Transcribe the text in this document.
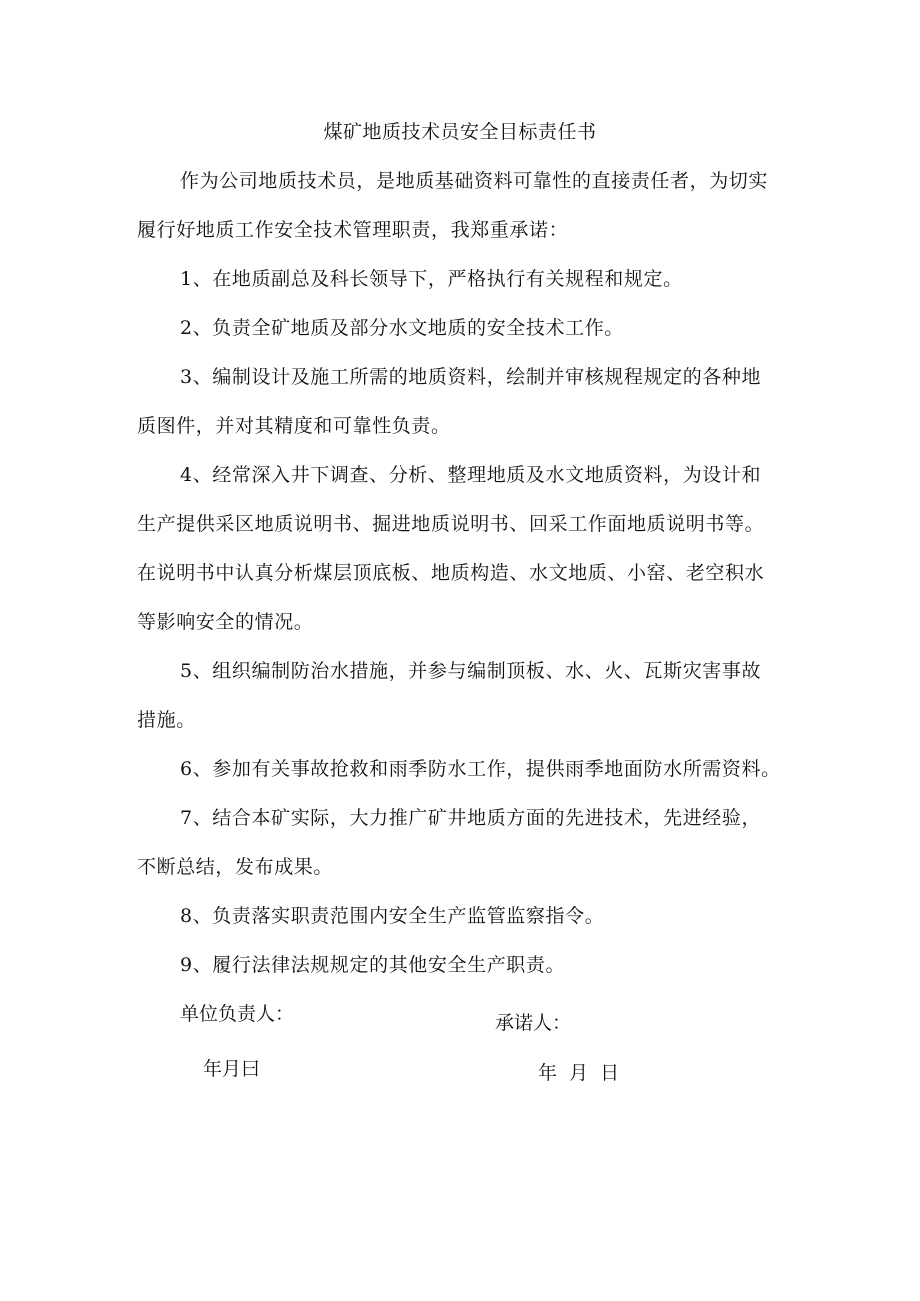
煤矿地质技术员安全目标责任书

作为公司地质技术员，是地质基础资料可靠性的直接责任者，为切实

履行好地质工作安全技术管理职责，我郑重承诺：

1、在地质副总及科长领导下，严格执行有关规程和规定。

2、负责全矿地质及部分水文地质的安全技术工作。

3、编制设计及施工所需的地质资料，绘制并审核规程规定的各种地

质图件，并对其精度和可靠性负责。

4、经常深入井下调查、分析、整理地质及水文地质资料，为设计和

生产提供采区地质说明书、掘进地质说明书、回采工作面地质说明书等。

在说明书中认真分析煤层顶底板、地质构造、水文地质、小窑、老空积水

等影响安全的情况。

5、组织编制防治水措施，并参与编制顶板、水、火、瓦斯灾害事故

措施。

6、参加有关事故抢救和雨季防水工作，提供雨季地面防水所需资料。

7、结合本矿实际，大力推广矿井地质方面的先进技术，先进经验，

不断总结，发布成果。

8、负责落实职责范围内安全生产监管监察指令。

9、履行法律法规规定的其他安全生产职责。

单位负责人：	承诺人：

年月曰	年  月  日
